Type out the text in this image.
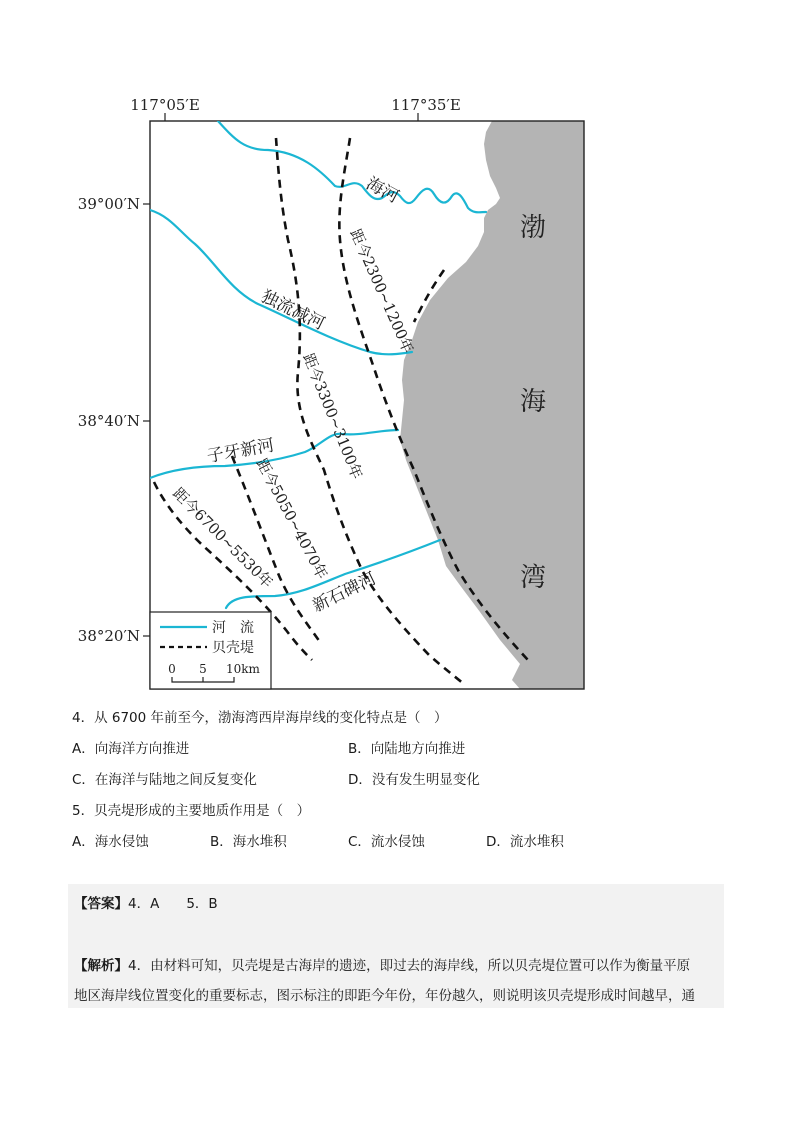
117°05′E	117°35′E
39°00′N
38°40′N
38°20′N
渤
海
湾
海河
独流减河
子牙新河
新石碑河
距今2300~1200年
距今3300~3100年
距今5050~4070年
距今6700~5530年
河　流
贝壳堤
0 5 10km
4．从 6700 年前至今，渤海湾西岸海岸线的变化特点是（　）
A．向海洋方向推进	B．向陆地方向推进
C．在海洋与陆地之间反复变化	D．没有发生明显变化
5．贝壳堤形成的主要地质作用是（　）
A．海水侵蚀	B．海水堆积	C．流水侵蚀	D．流水堆积
【答案】4．A　　5．B
【解析】4．由材料可知，贝壳堤是古海岸的遗迹，即过去的海岸线，所以贝壳堤位置可以作为衡量平原
地区海岸线位置变化的重要标志，图示标注的即距今年份，年份越久，则说明该贝壳堤形成时间越早，通
